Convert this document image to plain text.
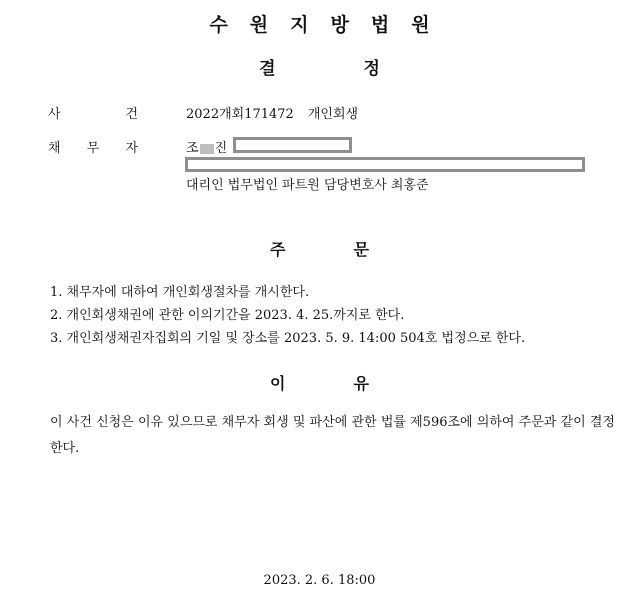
수원지방법원
결	정
사	건	2022개회171472 개인회생
채 무 자	조 진
대리인 법무법인 파트원 담당변호사 최홍준
주	문
1. 채무자에 대하여 개인회생절차를 개시한다.
2. 개인회생채권에 관한 이의기간을 2023. 4. 25.까지로 한다.
3. 개인회생채권자집회의 기일 및 장소를 2023. 5. 9. 14:00 504호 법정으로 한다.
이	유
이 사건 신청은 이유 있으므로 채무자 회생 및 파산에 관한 법률 제596조에 의하여 주문과 같이 결정한다.
2023. 2. 6. 18:00
